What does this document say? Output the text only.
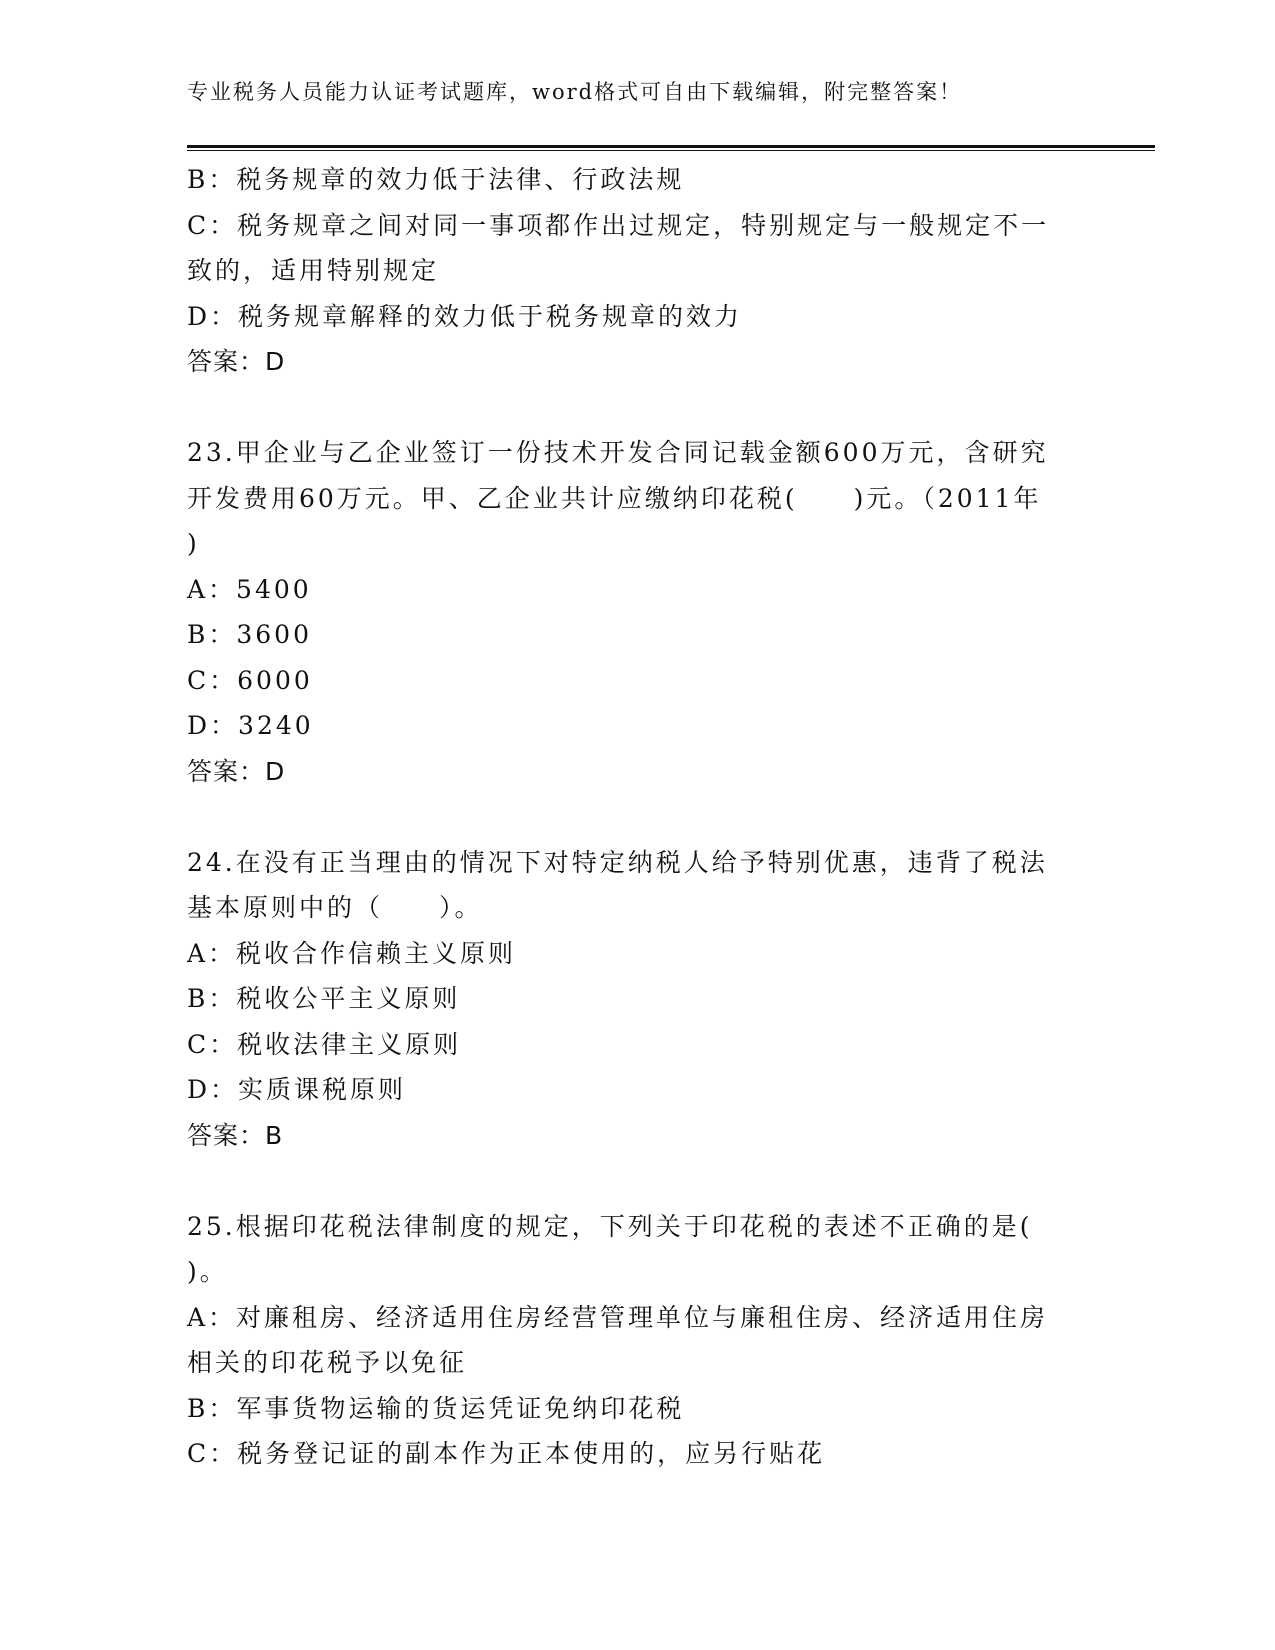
专业税务人员能力认证考试题库，word格式可自由下载编辑，附完整答案！
B：税务规章的效力低于法律、行政法规
C：税务规章之间对同一事项都作出过规定，特别规定与一般规定不一
致的，适用特别规定
D：税务规章解释的效力低于税务规章的效力
答案：D
23.甲企业与乙企业签订一份技术开发合同记载金额600万元，含研究
开发费用60万元。甲、乙企业共计应缴纳印花税(　　)元。（2011年
)
A：5400
B：3600
C：6000
D：3240
答案：D
24.在没有正当理由的情况下对特定纳税人给予特别优惠，违背了税法
基本原则中的（　　）。
A：税收合作信赖主义原则
B：税收公平主义原则
C：税收法律主义原则
D：实质课税原则
答案：B
25.根据印花税法律制度的规定，下列关于印花税的表述不正确的是(
)。
A：对廉租房、经济适用住房经营管理单位与廉租住房、经济适用住房
相关的印花税予以免征
B：军事货物运输的货运凭证免纳印花税
C：税务登记证的副本作为正本使用的，应另行贴花
